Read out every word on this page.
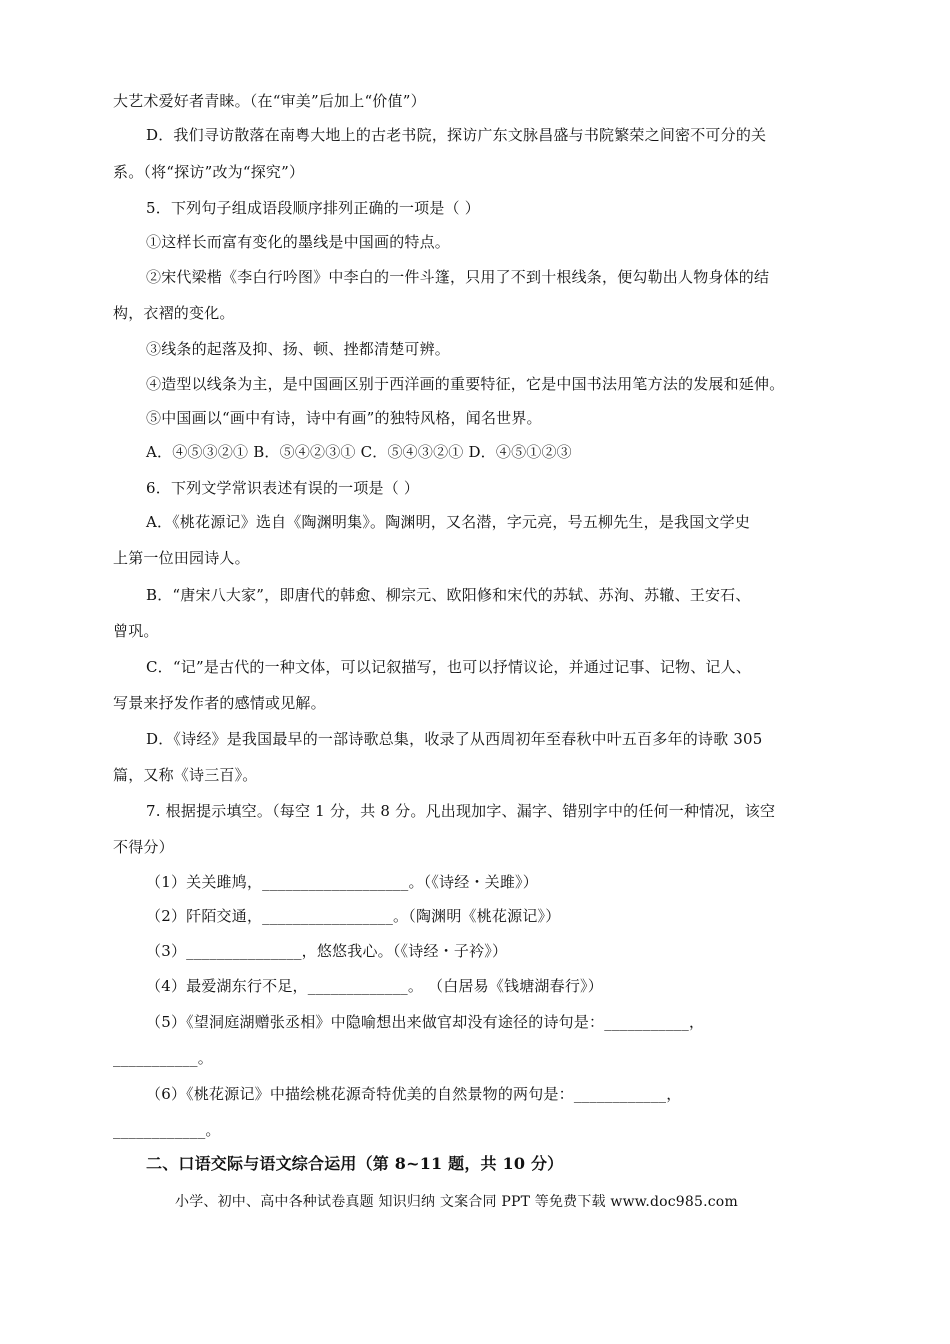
大艺术爱好者青睐。（在“审美”后加上“价值”）
D．我们寻访散落在南粤大地上的古老书院，探访广东文脉昌盛与书院繁荣之间密不可分的关
系。（将“探访”改为“探究”）
5．下列句子组成语段顺序排列正确的一项是（ ）
①这样长而富有变化的墨线是中国画的特点。
②宋代梁楷《李白行吟图》中李白的一件斗篷，只用了不到十根线条，便勾勒出人物身体的结
构，衣褶的变化。
③线条的起落及抑、扬、顿、挫都清楚可辨。
④造型以线条为主，是中国画区别于西洋画的重要特征，它是中国书法用笔方法的发展和延伸。
⑤中国画以“画中有诗，诗中有画”的独特风格，闻名世界。
A．④⑤③②① B．⑤④②③① C．⑤④③②① D．④⑤①②③
6．下列文学常识表述有误的一项是（ ）
A．《桃花源记》选自《陶渊明集》。陶渊明，又名潜，字元亮，号五柳先生，是我国文学史
上第一位田园诗人。
B．“唐宋八大家”，即唐代的韩愈、柳宗元、欧阳修和宋代的苏轼、苏洵、苏辙、王安石、
曾巩。
C．“记”是古代的一种文体，可以记叙描写，也可以抒情议论，并通过记事、记物、记人、
写景来抒发作者的感情或见解。
D．《诗经》是我国最早的一部诗歌总集，收录了从西周初年至春秋中叶五百多年的诗歌 305
篇，又称《诗三百》。
7. 根据提示填空。（每空 1 分，共 8 分。凡出现加字、漏字、错别字中的任何一种情况，该空
不得分）
（1）关关雎鸠，___________________。（《诗经・关雎》）
（2）阡陌交通，_________________。（陶渊明《桃花源记》）
（3）_______________，悠悠我心。（《诗经・子衿》）
（4）最爱湖东行不足，_____________。 （白居易《钱塘湖春行》）
（5）《望洞庭湖赠张丞相》中隐喻想出来做官却没有途径的诗句是：___________，
___________。
（6）《桃花源记》中描绘桃花源奇特优美的自然景物的两句是：____________，
____________。
二、口语交际与语文综合运用（第 8~11 题，共 10 分）
小学、初中、高中各种试卷真题 知识归纳 文案合同 PPT 等免费下载 www.doc985.com
